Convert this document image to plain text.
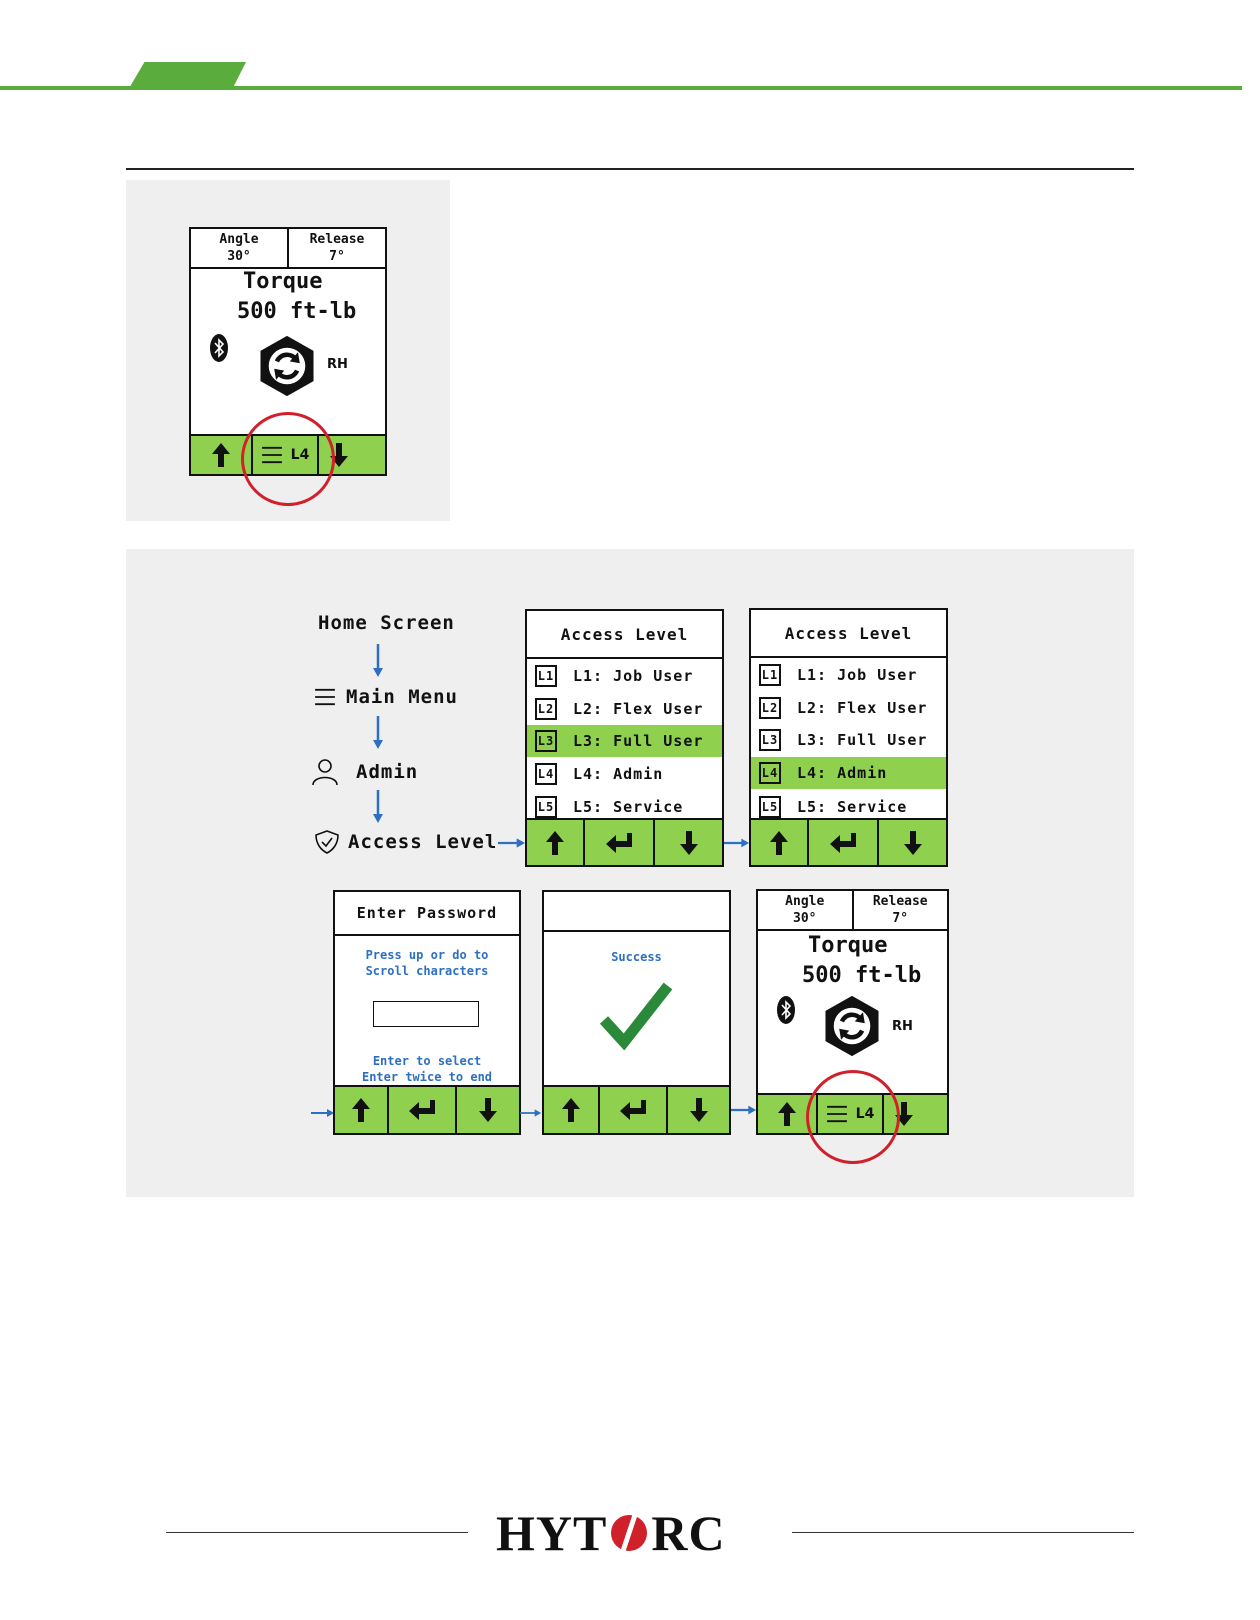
Angle
30°
Release
7°
Torque
500 ft-lb
RH
L4
Home Screen
Main Menu
Admin
Access Level
Access Level
L1 L1: Job User
L2 L2: Flex User
L3 L3: Full User
L4 L4: Admin
L5 L5: Service
Access Level
L1 L1: Job User
L2 L2: Flex User
L3 L3: Full User
L4 L4: Admin
L5 L5: Service
Enter Password
Press up or do to
Scroll characters
Enter to select
Enter twice to end
Success
Angle
30°
Release
7°
Torque
500 ft-lb
RH
L4
HYT RC
